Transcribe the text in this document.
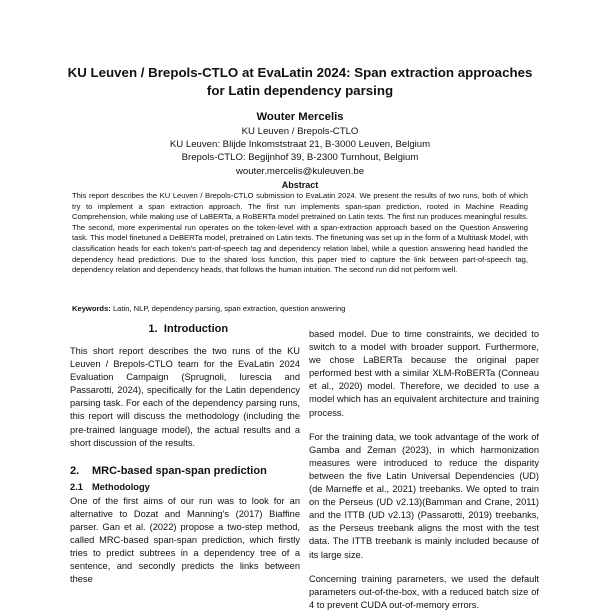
KU Leuven / Brepols-CTLO at EvaLatin 2024: Span extraction approaches for Latin dependency parsing
Wouter Mercelis
KU Leuven / Brepols-CTLO
KU Leuven: Blijde Inkomststraat 21, B-3000 Leuven, Belgium
Brepols-CTLO: Begijnhof 39, B-2300 Turnhout, Belgium
wouter.mercelis@kuleuven.be
Abstract
This report describes the KU Leuven / Brepols-CTLO submission to EvaLatin 2024. We present the results of two runs, both of which try to implement a span extraction approach. The first run implements span-span prediction, rooted in Machine Reading Comprehension, while making use of LaBERTa, a RoBERTa model pretrained on Latin texts. The first run produces meaningful results. The second, more experimental run operates on the token-level with a span-extraction approach based on the Question Answering task. This model finetuned a DeBERTa model, pretrained on Latin texts. The finetuning was set up in the form of a Multitask Model, with classification heads for each token's part-of-speech tag and dependency relation label, while a question answering head handled the dependency head predictions. Due to the shared loss function, this paper tried to capture the link between part-of-speech tag, dependency relation and dependency heads, that follows the human intuition. The second run did not perform well.
Keywords: Latin, NLP, dependency parsing, span extraction, question answering
1. Introduction

This short report describes the two runs of the KU Leuven / Brepols-CTLO team for the EvaLatin 2024 Evaluation Campaign (Sprugnoli, Iurescia and Passarotti, 2024), specifically for the Latin dependency parsing task. For each of the dependency parsing runs, this report will discuss the methodology (including the pre-trained language model), the actual results and a short discussion of the results.

2. MRC-based span-span prediction
2.1 Methodology

One of the first aims of our run was to look for an alternative to Dozat and Manning's (2017) Biaffine parser. Gan et al. (2022) propose a two-step method, called MRC-based span-span prediction, which firstly tries to predict subtrees in a dependency tree of a sentence, and secondly predicts the links between these

based model. Due to time constraints, we decided to switch to a model with broader support. Furthermore, we chose LaBERTa because the original paper performed best with a similar XLM-RoBERTa (Conneau et al., 2020) model. Therefore, we decided to use a model which has an equivalent architecture and training process.

For the training data, we took advantage of the work of Gamba and Zeman (2023), in which harmonization measures were introduced to reduce the disparity between the five Latin Universal Dependencies (UD) (de Marneffe et al., 2021) treebanks. We opted to train on the Perseus (UD v2.13)(Bamman and Crane, 2011) and the ITTB (UD v2.13) (Passarotti, 2019) treebanks, as the Perseus treebank aligns the most with the test data. The ITTB treebank is mainly included because of its large size.

Concerning training parameters, we used the default parameters out-of-the-box, with a reduced batch size of 4 to prevent CUDA out-of-memory errors.
